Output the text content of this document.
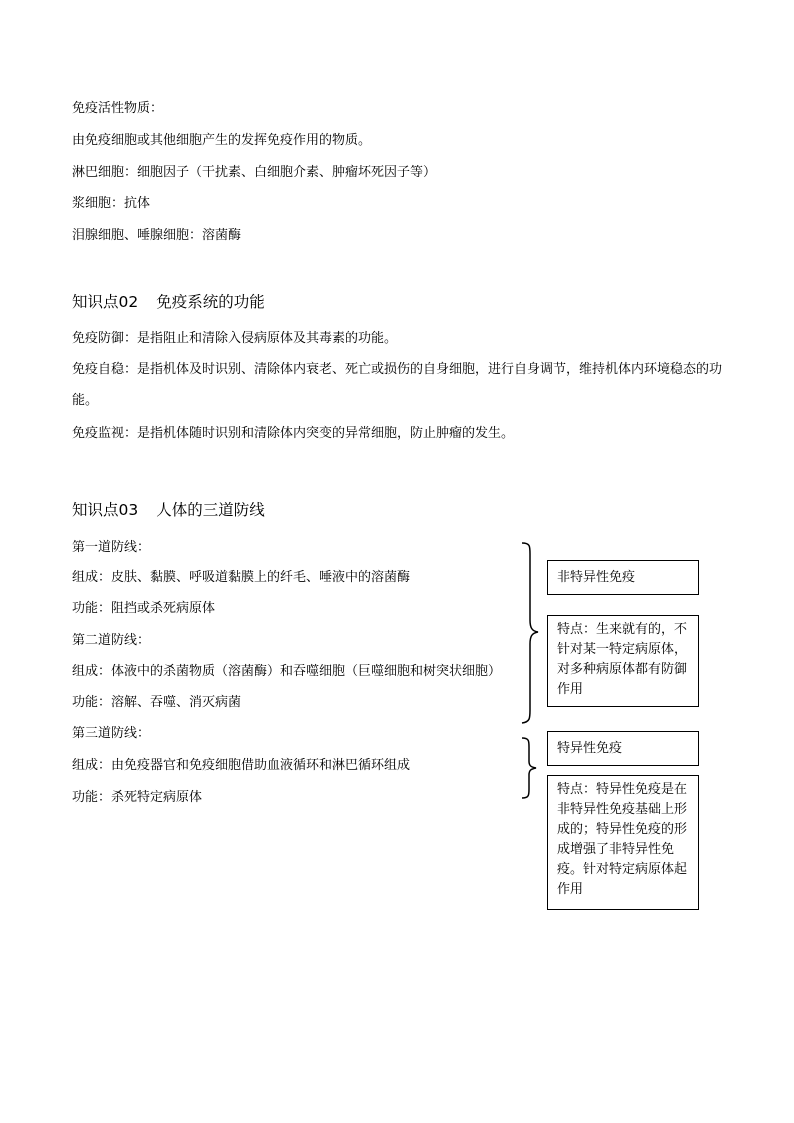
免疫活性物质：
由免疫细胞或其他细胞产生的发挥免疫作用的物质。
淋巴细胞：细胞因子（干扰素、白细胞介素、肿瘤坏死因子等）
浆细胞：抗体
泪腺细胞、唾腺细胞：溶菌酶
知识点02 免疫系统的功能
免疫防御：是指阻止和清除入侵病原体及其毒素的功能。
免疫自稳：是指机体及时识别、清除体内衰老、死亡或损伤的自身细胞，进行自身调节，维持机体内环境稳态的功能。
免疫监视：是指机体随时识别和清除体内突变的异常细胞，防止肿瘤的发生。
知识点03 人体的三道防线
第一道防线：
组成：皮肤、黏膜、呼吸道黏膜上的纤毛、唾液中的溶菌酶
功能：阻挡或杀死病原体
第二道防线：
组成：体液中的杀菌物质（溶菌酶）和吞噬细胞（巨噬细胞和树突状细胞）
功能：溶解、吞噬、消灭病菌
第三道防线：
组成：由免疫器官和免疫细胞借助血液循环和淋巴循环组成
功能：杀死特定病原体
非特异性免疫
特点：生来就有的，不针对某一特定病原体，对多种病原体都有防御作用
特异性免疫
特点：特异性免疫是在非特异性免疫基础上形成的；特异性免疫的形成增强了非特异性免疫。针对特定病原体起作用
